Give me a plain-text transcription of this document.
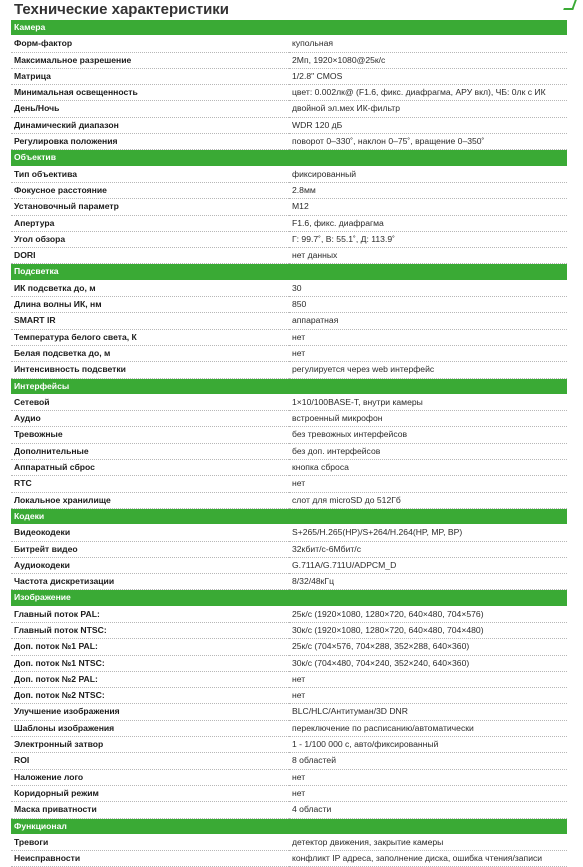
Технические характеристики
Камера	
Форм-фактор	купольная
Максимальное разрешение	2Мп, 1920×1080@25к/с
Матрица	1/2.8" CMOS
Минимальная освещенность	цвет: 0.002лк@ (F1.6, фикс. диафрагма, АРУ вкл), ЧБ: 0лк с ИК
День/Ночь	двойной эл.мех ИК-фильтр
Динамический диапазон	WDR 120 дБ
Регулировка положения	поворот 0–330˚, наклон 0–75˚, вращение 0–350˚
Объектив	
Тип объектива	фиксированный
Фокусное расстояние	2.8мм
Установочный параметр	M12
Апертура	F1.6, фикс. диафрагма
Угол обзора	Г: 99.7˚, В: 55.1˚, Д: 113.9˚
DORI	нет данных
Подсветка	
ИК подсветка до, м	30
Длина волны ИК, нм	850
SMART IR	аппаратная
Температура белого света, К	нет
Белая подсветка до, м	нет
Интенсивность подсветки	регулируется через web интерфейс
Интерфейсы	
Сетевой	1×10/100BASE-T, внутри камеры
Аудио	встроенный микрофон
Тревожные	без тревожных интерфейсов
Дополнительные	без доп. интерфейсов
Аппаратный сброс	кнопка сброса
RTC	нет
Локальное хранилище	слот для microSD до 512Гб
Кодеки	
Видеокодеки	S+265/H.265(HP)/S+264/H.264(HP, MP, BP)
Битрейт видео	32кбит/с-6Мбит/с
Аудиокодеки	G.711A/G.711U/ADPCM_D
Частота дискретизации	8/32/48кГц
Изображение	
Главный поток PAL:	25к/с (1920×1080, 1280×720, 640×480, 704×576)
Главный поток NTSC:	30к/с (1920×1080, 1280×720, 640×480, 704×480)
Доп. поток №1 PAL:	25к/с (704×576, 704×288, 352×288, 640×360)
Доп. поток №1 NTSC:	30к/с (704×480, 704×240, 352×240, 640×360)
Доп. поток №2 PAL:	нет
Доп. поток №2 NTSC:	нет
Улучшение изображения	BLC/HLC/Антитуман/3D DNR
Шаблоны изображения	переключение по расписанию/автоматически
Электронный затвор	1 - 1/100 000 с, авто/фиксированный
ROI	8 областей
Наложение лого	нет
Коридорный режим	нет
Маска приватности	4 области
Функционал	
Тревоги	детектор движения, закрытие камеры
Неисправности	конфликт IP адреса, заполнение диска, ошибка чтения/записи
